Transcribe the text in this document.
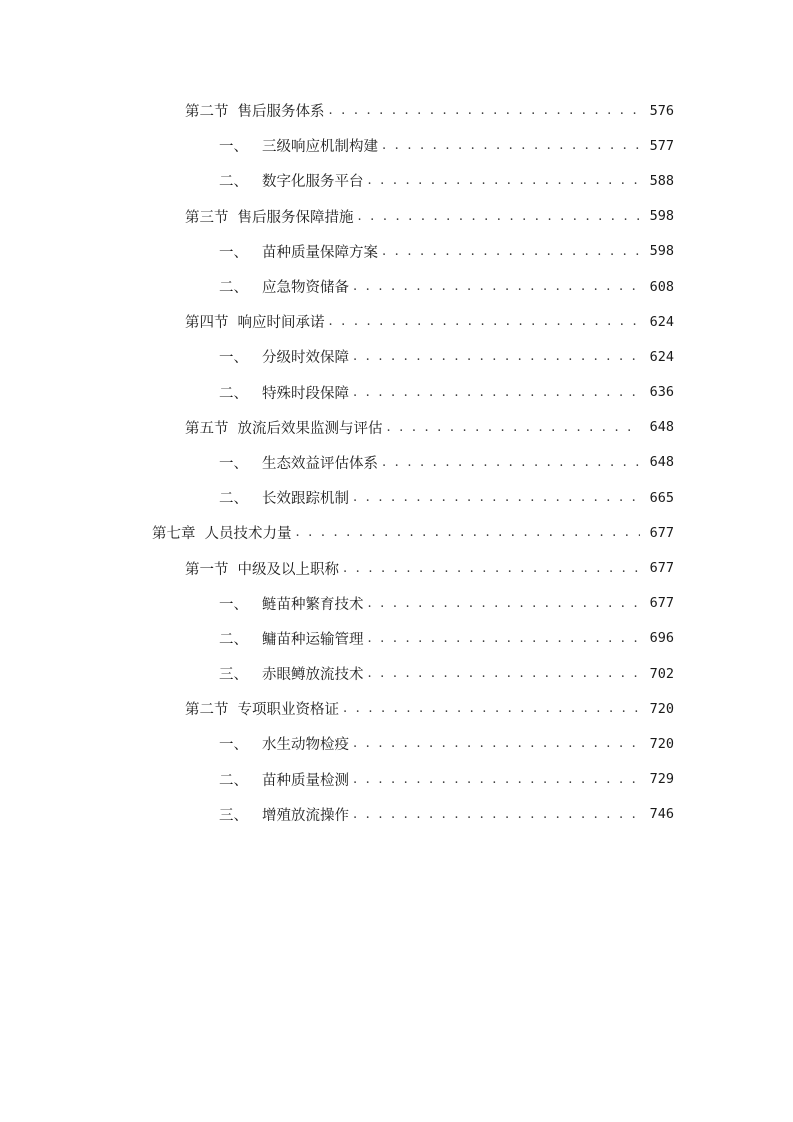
第二节 售后服务体系 . . .	576
一、 三级响应机制构建 . . .	577
二、 数字化服务平台 . . .	588
第三节 售后服务保障措施 . . .	598
一、 苗种质量保障方案 . . .	598
二、 应急物资储备 . . .	608
第四节 响应时间承诺 . . .	624
一、 分级时效保障 . . .	624
二、 特殊时段保障 . . .	636
第五节 放流后效果监测与评估 . . .	648
一、 生态效益评估体系 . . .	648
二、 长效跟踪机制 . . .	665
第七章 人员技术力量 . . .	677
第一节 中级及以上职称 . . .	677
一、 鲢苗种繁育技术 . . .	677
二、 鳙苗种运输管理 . . .	696
三、 赤眼鳟放流技术 . . .	702
第二节 专项职业资格证 . . .	720
一、 水生动物检疫 . . .	720
二、 苗种质量检测 . . .	729
三、 增殖放流操作 . . .	746
